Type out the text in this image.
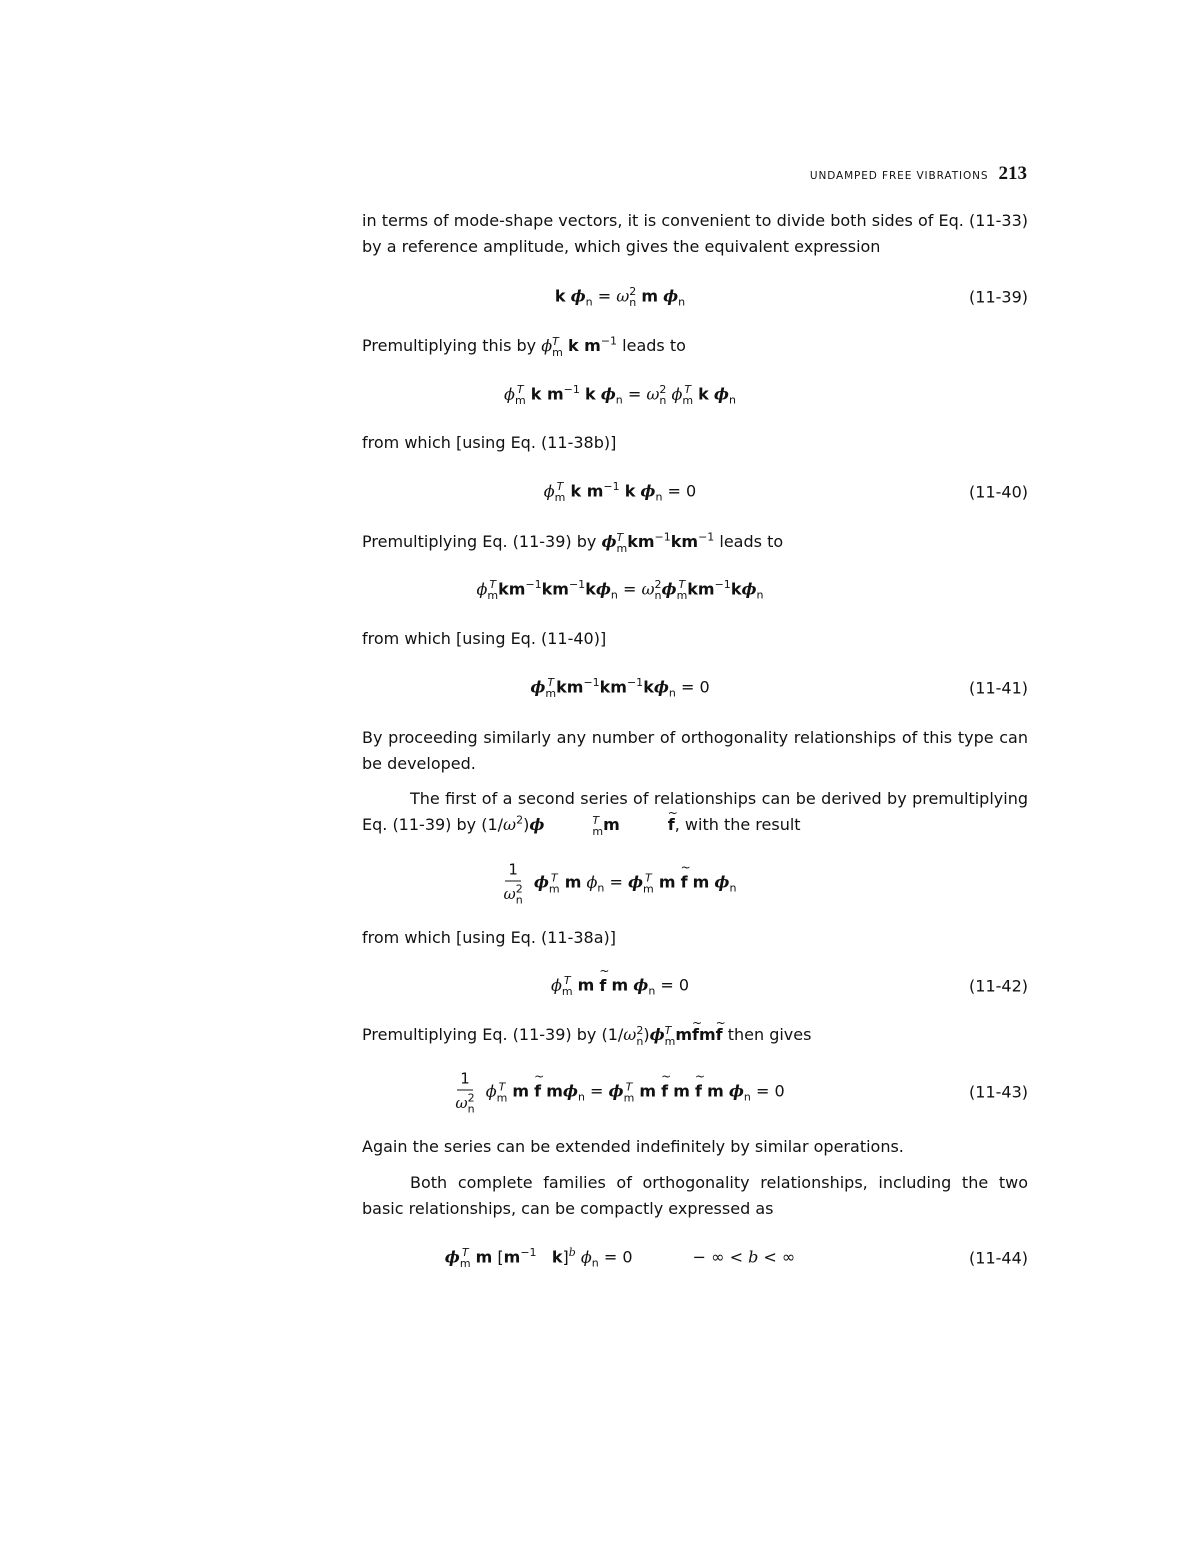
UNDAMPED FREE VIBRATIONS 213

in terms of mode-shape vectors, it is convenient to divide both sides of Eq. (11-33) by a reference amplitude, which gives the equivalent expression

k $\phi_n = \omega$ 2
n m $\phi_n$	(11-39)

Premultiplying this by ϕ T
m k $m^{-1}$ leads to

ϕ T
m k $m^{-1}$ k $\phi_n = \omega$ 2
n ϕ T
m k $\phi_n$

from which [using Eq. (11-38b)]

ϕ T
m k $m^{-1}$ k $\phi_n = 0$	(11-40)

Premultiplying Eq. (11-39) by ϕ T
m $km^{-1}km^{-1}$ leads to

ϕ T
m $km^{-1}km^{-1}k\phi_n = \omega$ 2
n ϕ T
m $km^{-1}k\phi_n$

from which [using Eq. (11-40)]

ϕ T
m $km^{-1}km^{-1}k\phi_n = 0$	(11-41)

By proceeding similarly any number of orthogonality relationships of this type can be developed.

The first of a second series of relationships can be derived by premultiplying Eq. (11-39) by $(1/\omega^2)\phi$	T
m m	~ f, with the result

1
ω 2
n ϕ T
m m $\phi_n = \phi$ T
m m ~ f m $\phi_n$

from which [using Eq. (11-38a)]

ϕ T
m m ~ f m $\phi_n = 0$	(11-42)

Premultiplying Eq. (11-39) by (1/ω 2
n )ϕ T
m m~ fm~ f then gives

1
ω 2
n ϕ T
m m ~ f $m\phi_n = \phi$ T
m m ~ f m ~ f m $\phi_n = 0$	(11-43)

Again the series can be extended indefinitely by similar operations.

Both complete families of orthogonality relationships, including the two basic relationships, can be compactly expressed as

ϕ T
m m [$m^{-1}$ k]$^b$ $\phi_n = 0$	− ∞ < b < ∞	(11-44)
